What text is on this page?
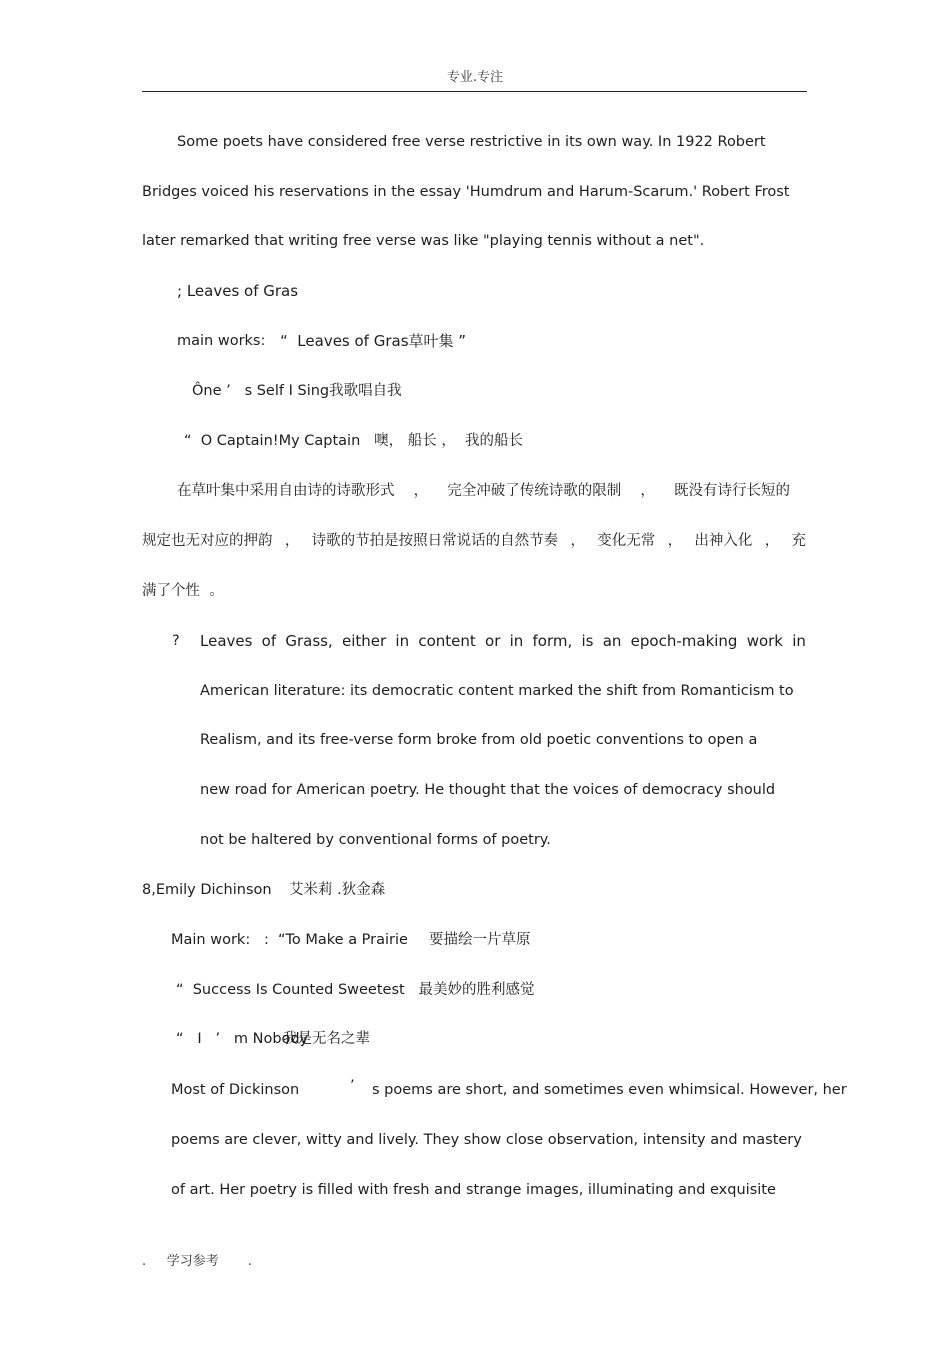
专业.专注
Some poets have considered free verse restrictive in its own way. In 1922 Robert
Bridges voiced his reservations in the essay 'Humdrum and Harum-Scarum.' Robert Frost
later remarked that writing free verse was like "playing tennis without a net".
; Leaves of Gras
main works: “  Leaves of Gras草叶集 ”
Ône ’   s Self I Sing我歌唱自我
“  O Captain!My Captain   噢， 船长 ，  我的船长
在草叶集中采用自由诗的诗歌形式 ， 完全冲破了传统诗歌的限制 ， 既没有诗行长短的
规定也无对应的押韵 ， 诗歌的节拍是按照日常说话的自然节奏 ， 变化无常 ， 出神入化 ， 充
满了个性  。
? Leaves of Grass, either in content or in form, is an epoch-making work in
American literature: its democratic content marked the shift from Romanticism to
Realism, and its free-verse form broke from old poetic conventions to open a
new road for American poetry. He thought that the voices of democracy should
not be haltered by conventional forms of poetry.
8,Emily Dichinson 艾米莉 .狄金森
Main work:   : “To Make a Prairie 要描绘一片草原
“  Success Is Counted Sweetest   最美妙的胜利感觉
“   I   ’   m Nobody
我是无名之辈
Most of Dickinson	’ s poems are short, and sometimes even whimsical. However, her
poems are clever, witty and lively. They show close observation, intensity and mastery
of art. Her poetry is filled with fresh and strange images, illuminating and exquisite
.     学习参考       .
